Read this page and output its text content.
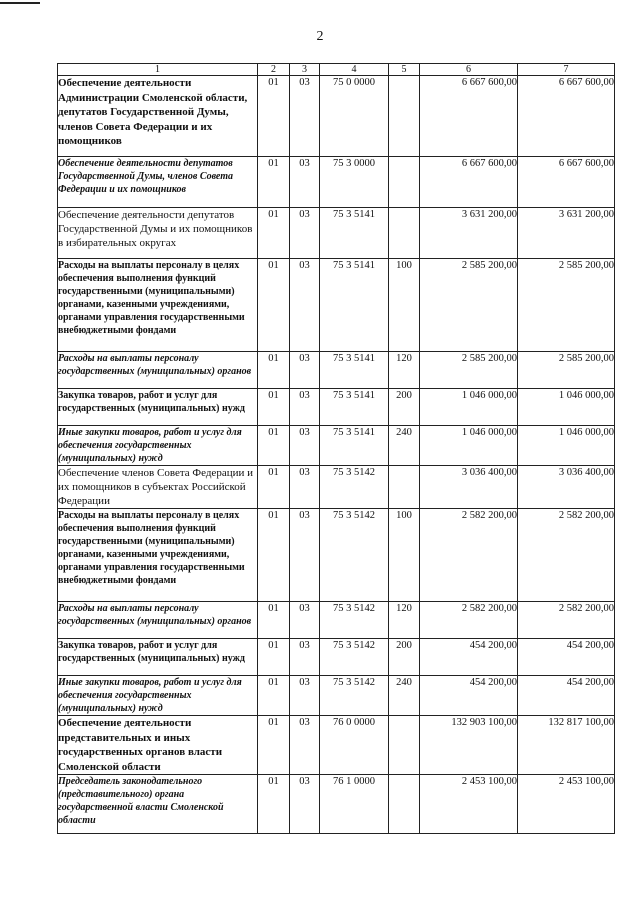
2
1	2	3	4	5	6	7
Обеспечение деятельности Администрации Смоленской области, депутатов Государственной Думы, членов Совета Федерации и их помощников	01	03	75 0 0000		6 667 600,00	6 667 600,00
Обеспечение деятельности депутатов Государственной Думы, членов Совета Федерации и их помощников	01	03	75 3 0000		6 667 600,00	6 667 600,00
Обеспечение деятельности депутатов Государственной Думы и их помощников в избирательных округах	01	03	75 3 5141		3 631 200,00	3 631 200,00
Расходы на выплаты персоналу в целях обеспечения выполнения функций государственными (муниципальными) органами, казенными учреждениями, органами управления государственными внебюджетными фондами	01	03	75 3 5141	100	2 585 200,00	2 585 200,00
Расходы на выплаты персоналу государственных (муниципальных) органов	01	03	75 3 5141	120	2 585 200,00	2 585 200,00
Закупка товаров, работ и услуг для государственных (муниципальных) нужд	01	03	75 3 5141	200	1 046 000,00	1 046 000,00
Иные закупки товаров, работ и услуг для обеспечения государственных (муниципальных) нужд	01	03	75 3 5141	240	1 046 000,00	1 046 000,00
Обеспечение членов Совета Федерации и их помощников в субъектах Российской Федерации	01	03	75 3 5142		3 036 400,00	3 036 400,00
Расходы на выплаты персоналу в целях обеспечения выполнения функций государственными (муниципальными) органами, казенными учреждениями, органами управления государственными внебюджетными фондами	01	03	75 3 5142	100	2 582 200,00	2 582 200,00
Расходы на выплаты персоналу государственных (муниципальных) органов	01	03	75 3 5142	120	2 582 200,00	2 582 200,00
Закупка товаров, работ и услуг для государственных (муниципальных) нужд	01	03	75 3 5142	200	454 200,00	454 200,00
Иные закупки товаров, работ и услуг для обеспечения государственных (муниципальных) нужд	01	03	75 3 5142	240	454 200,00	454 200,00
Обеспечение деятельности представительных и иных государственных органов власти Смоленской области	01	03	76 0 0000		132 903 100,00	132 817 100,00
Председатель законодательного (представительного) органа государственной власти Смоленской области	01	03	76 1 0000		2 453 100,00	2 453 100,00
